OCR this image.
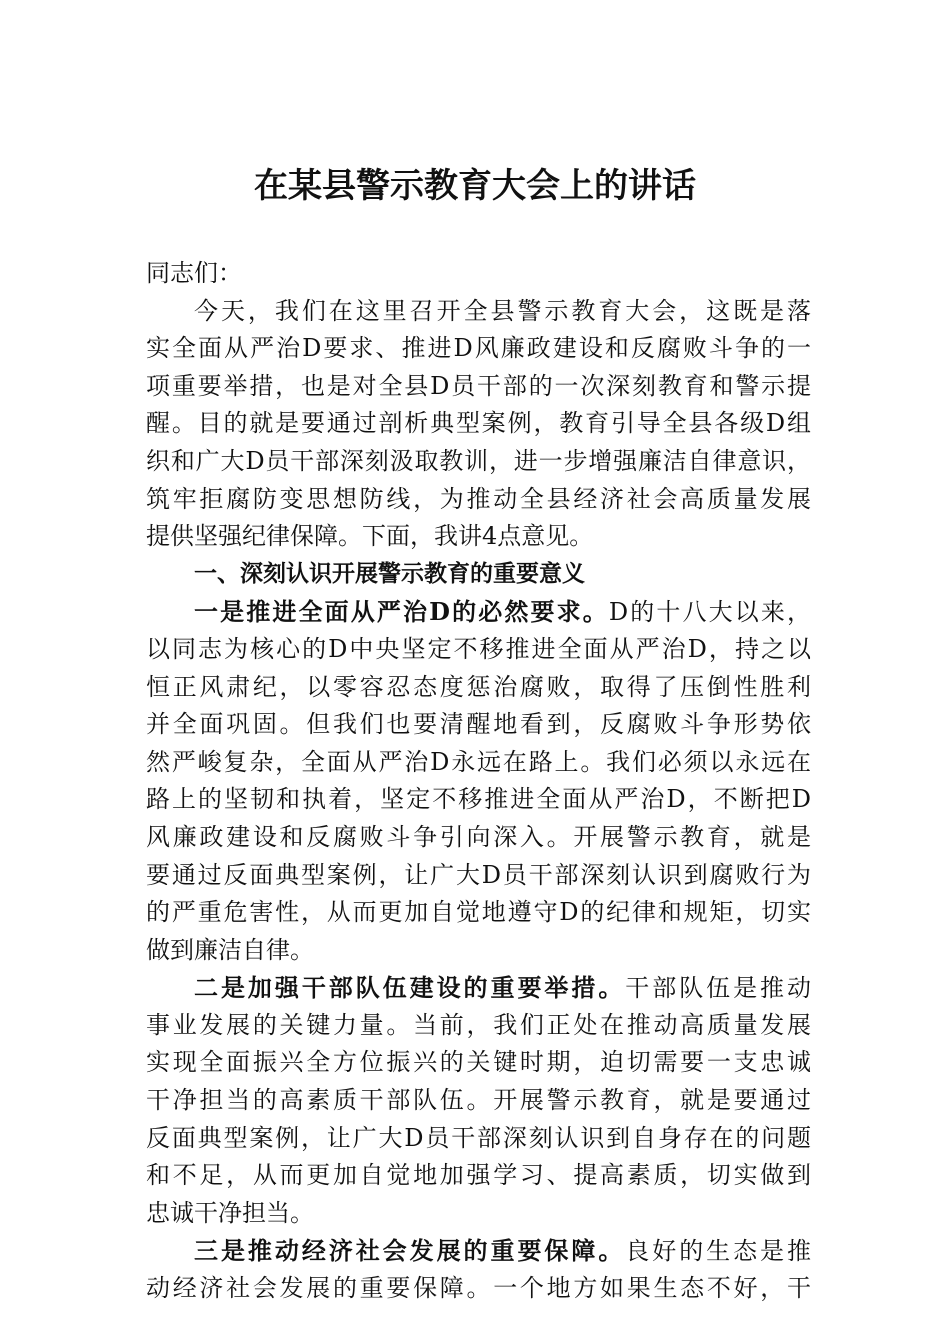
在某县警示教育大会上的讲话
同志们：
今天，我们在这里召开全县警示教育大会，这既是落
实全面从严治D要求、推进D风廉政建设和反腐败斗争的一
项重要举措，也是对全县D员干部的一次深刻教育和警示提
醒。目的就是要通过剖析典型案例，教育引导全县各级D组
织和广大D员干部深刻汲取教训，进一步增强廉洁自律意识，
筑牢拒腐防变思想防线，为推动全县经济社会高质量发展
提供坚强纪律保障。下面，我讲4点意见。
一、深刻认识开展警示教育的重要意义
一是推进全面从严治D的必然要求。D的十八大以来，
以同志为核心的D中央坚定不移推进全面从严治D，持之以
恒正风肃纪，以零容忍态度惩治腐败，取得了压倒性胜利
并全面巩固。但我们也要清醒地看到，反腐败斗争形势依
然严峻复杂，全面从严治D永远在路上。我们必须以永远在
路上的坚韧和执着，坚定不移推进全面从严治D，不断把D
风廉政建设和反腐败斗争引向深入。开展警示教育，就是
要通过反面典型案例，让广大D员干部深刻认识到腐败行为
的严重危害性，从而更加自觉地遵守D的纪律和规矩，切实
做到廉洁自律。
二是加强干部队伍建设的重要举措。干部队伍是推动
事业发展的关键力量。当前，我们正处在推动高质量发展
实现全面振兴全方位振兴的关键时期，迫切需要一支忠诚
干净担当的高素质干部队伍。开展警示教育，就是要通过
反面典型案例，让广大D员干部深刻认识到自身存在的问题
和不足，从而更加自觉地加强学习、提高素质，切实做到
忠诚干净担当。
三是推动经济社会发展的重要保障。良好的生态是推
动经济社会发展的重要保障。一个地方如果生态不好，干
